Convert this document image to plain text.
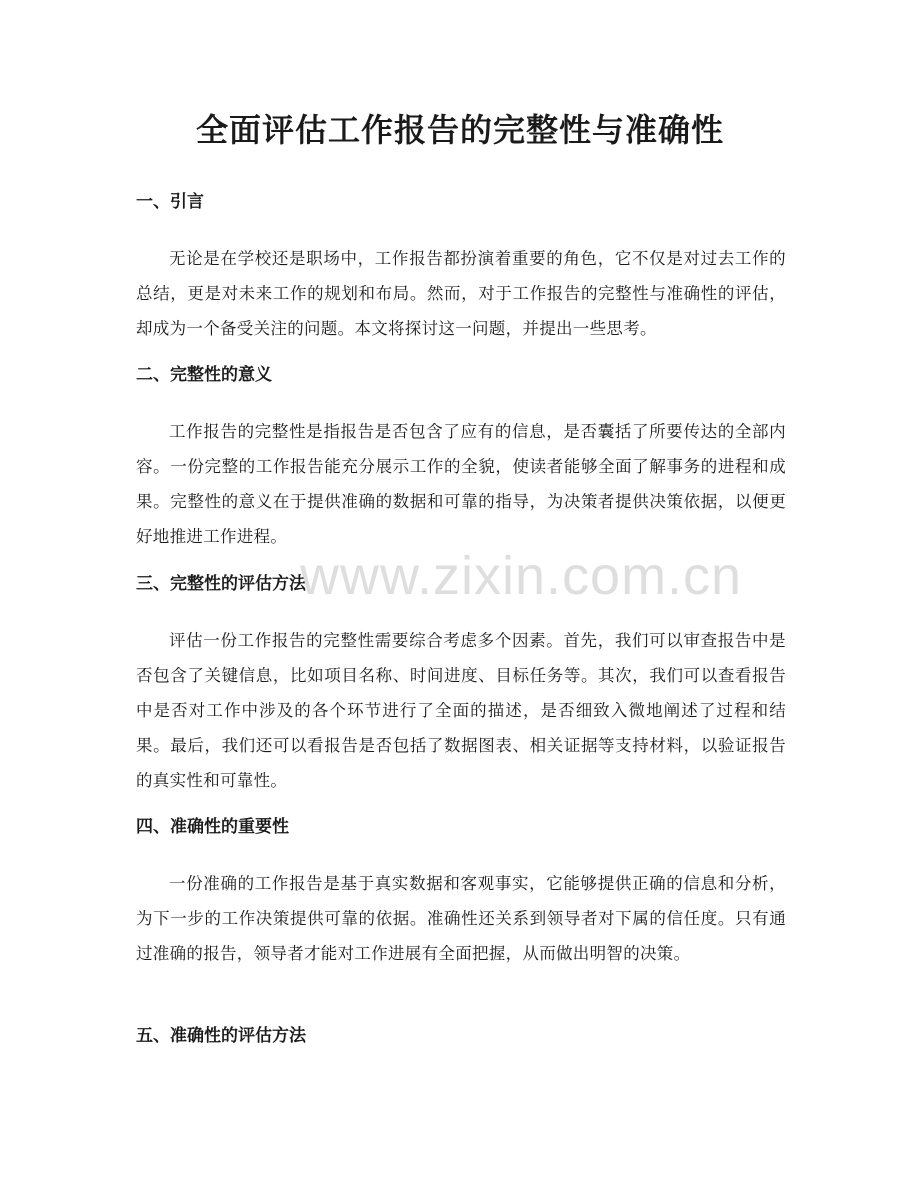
全面评估工作报告的完整性与准确性
一、引言

无论是在学校还是职场中，工作报告都扮演着重要的角色，它不仅是对过去工作的总结，更是对未来工作的规划和布局。然而，对于工作报告的完整性与准确性的评估，却成为一个备受关注的问题。本文将探讨这一问题，并提出一些思考。

二、完整性的意义

工作报告的完整性是指报告是否包含了应有的信息，是否囊括了所要传达的全部内容。一份完整的工作报告能充分展示工作的全貌，使读者能够全面了解事务的进程和成果。完整性的意义在于提供准确的数据和可靠的指导，为决策者提供决策依据，以便更好地推进工作进程。

三、完整性的评估方法

评估一份工作报告的完整性需要综合考虑多个因素。首先，我们可以审查报告中是否包含了关键信息，比如项目名称、时间进度、目标任务等。其次，我们可以查看报告中是否对工作中涉及的各个环节进行了全面的描述，是否细致入微地阐述了过程和结果。最后，我们还可以看报告是否包括了数据图表、相关证据等支持材料，以验证报告的真实性和可靠性。

四、准确性的重要性

一份准确的工作报告是基于真实数据和客观事实，它能够提供正确的信息和分析，为下一步的工作决策提供可靠的依据。准确性还关系到领导者对下属的信任度。只有通过准确的报告，领导者才能对工作进展有全面把握，从而做出明智的决策。

五、准确性的评估方法
www.zixin.com.cn
